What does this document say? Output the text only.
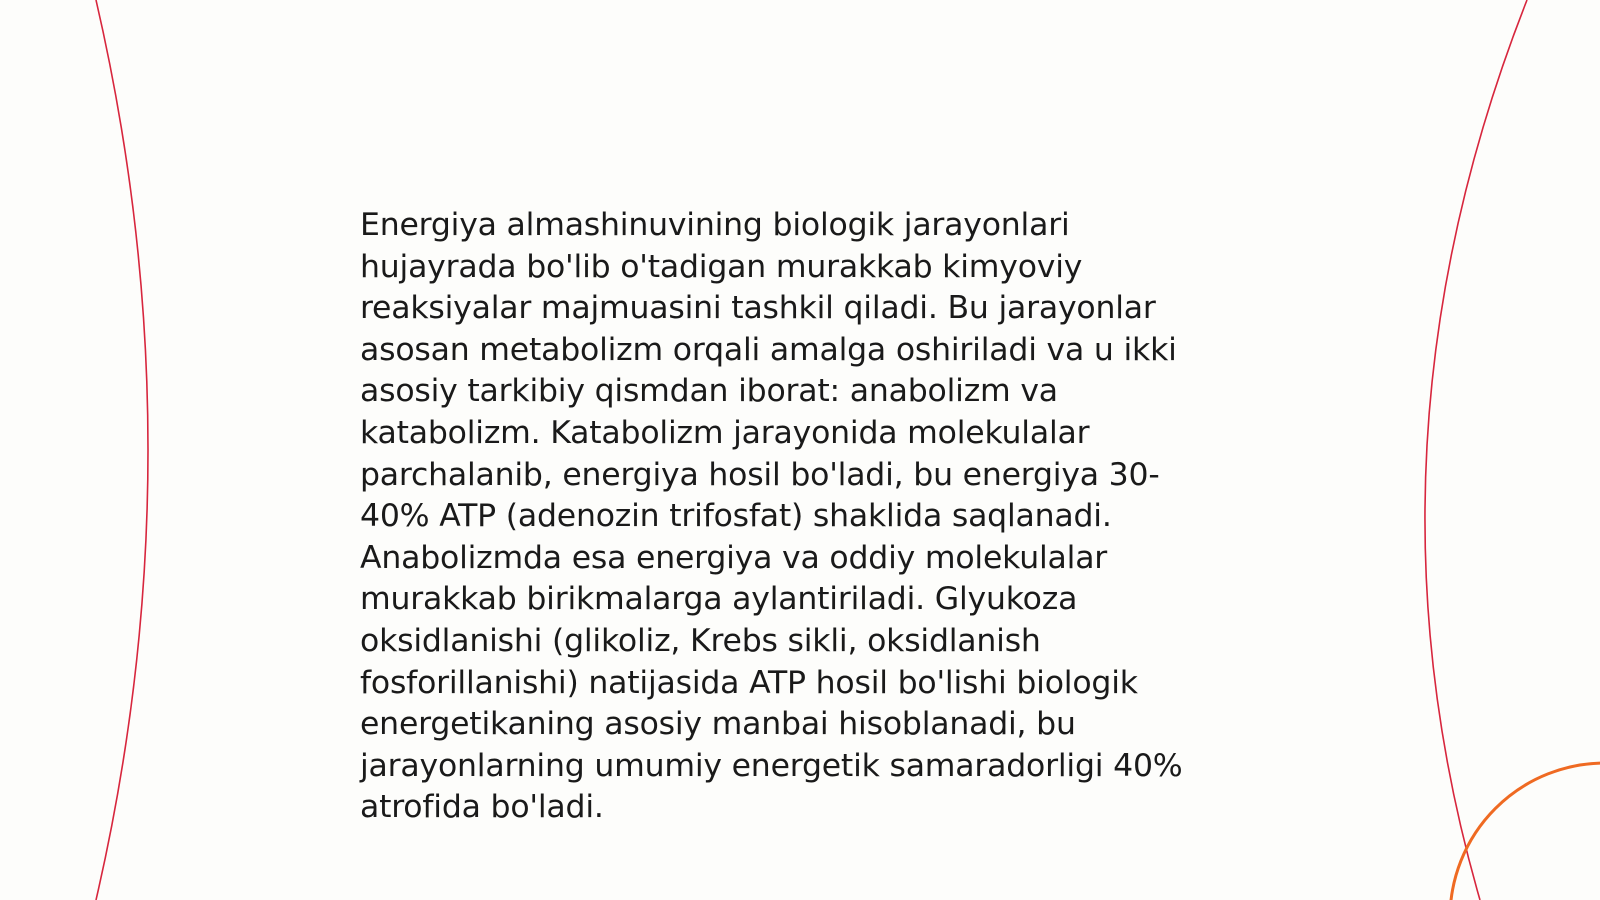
Energiya almashinuvining biologik jarayonlari
hujayrada bo'lib o'tadigan murakkab kimyoviy
reaksiyalar majmuasini tashkil qiladi. Bu jarayonlar
asosan metabolizm orqali amalga oshiriladi va u ikki
asosiy tarkibiy qismdan iborat: anabolizm va
katabolizm. Katabolizm jarayonida molekulalar
parchalanib, energiya hosil bo'ladi, bu energiya 30-
40% ATP (adenozin trifosfat) shaklida saqlanadi.
Anabolizmda esa energiya va oddiy molekulalar
murakkab birikmalarga aylantiriladi. Glyukoza
oksidlanishi (glikoliz, Krebs sikli, oksidlanish
fosforillanishi) natijasida ATP hosil bo'lishi biologik
energetikaning asosiy manbai hisoblanadi, bu
jarayonlarning umumiy energetik samaradorligi 40%
atrofida bo'ladi.
